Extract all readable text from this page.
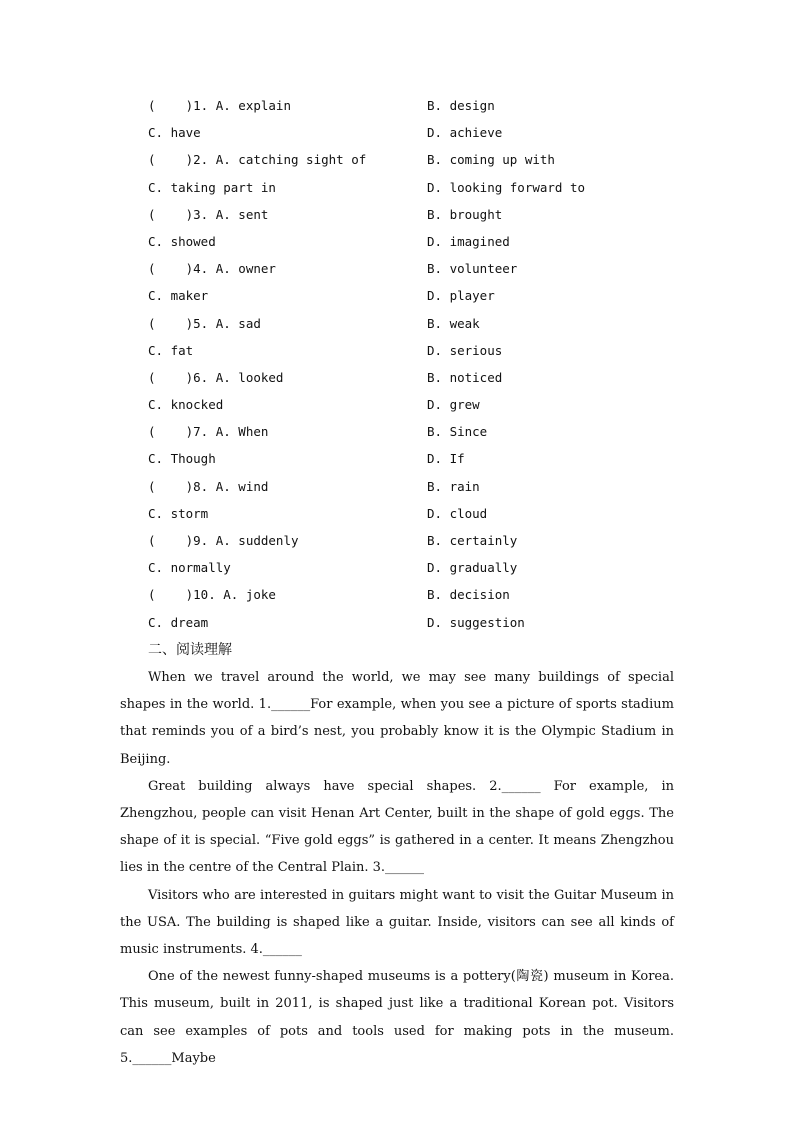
(    )1. A. explain	B. design
C. have	D. achieve
(    )2. A. catching sight of	B. coming up with
C. taking part in	D. looking forward to
(    )3. A. sent	B. brought
C. showed	D. imagined
(    )4. A. owner	B. volunteer
C. maker	D. player
(    )5. A. sad	B. weak
C. fat	D. serious
(    )6. A. looked	B. noticed
C. knocked	D. grew
(    )7. A. When	B. Since
C. Though	D. If
(    )8. A. wind	B. rain
C. storm	D. cloud
(    )9. A. suddenly	B. certainly
C. normally	D. gradually
(    )10. A. joke	B. decision
C. dream	D. suggestion
二、阅读理解

When we travel around the world, we may see many buildings of special shapes in the world. 1.______For example, when you see a picture of sports stadium that reminds you of a bird’s nest, you probably know it is the Olympic Stadium in Beijing.

Great building always have special shapes. 2.______ For example, in Zhengzhou, people can visit Henan Art Center, built in the shape of gold eggs. The shape of it is special. “Five gold eggs” is gathered in a center. It means Zhengzhou lies in the centre of the Central Plain. 3.______

Visitors who are interested in guitars might want to visit the Guitar Museum in the USA. The building is shaped like a guitar. Inside, visitors can see all kinds of music instruments. 4.______

One of the newest funny-shaped museums is a pottery(陶瓷) museum in Korea. This museum, built in 2011, is shaped just like a traditional Korean pot. Visitors can see examples of pots and tools used for making pots in the museum. 5.______Maybe
